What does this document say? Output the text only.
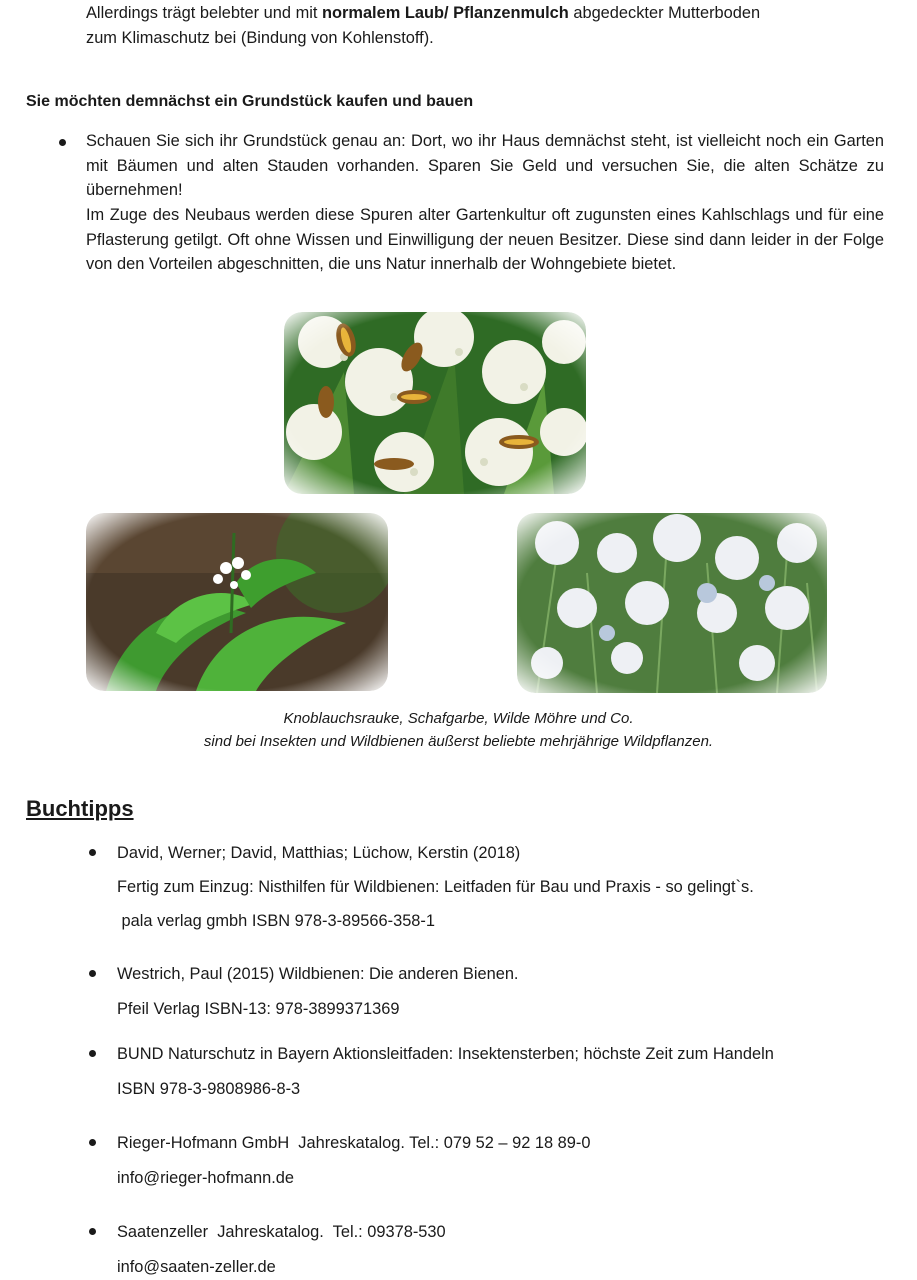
Allerdings trägt belebter und mit normalem Laub/ Pflanzenmulch abgedeckter Mutterboden
zum Klimaschutz bei (Bindung von Kohlenstoff).

Sie möchten demnächst ein Grundstück kaufen und bauen

Schauen Sie sich ihr Grundstück genau an: Dort, wo ihr Haus demnächst steht, ist vielleicht noch ein Garten mit Bäumen und alten Stauden vorhanden. Sparen Sie Geld und versuchen Sie, die alten Schätze zu übernehmen!

Im Zuge des Neubaus werden diese Spuren alter Gartenkultur oft zugunsten eines Kahlschlags und für eine Pflasterung getilgt. Oft ohne Wissen und Einwilligung der neuen Besitzer. Diese sind dann leider in der Folge von den Vorteilen abgeschnitten, die uns Natur innerhalb der Wohngebiete bietet.

Knoblauchsrauke, Schafgarbe, Wilde Möhre und Co.

sind bei Insekten und Wildbienen äußerst beliebte mehrjährige Wildpflanzen.

Buchtipps

David, Werner; David, Matthias; Lüchow, Kerstin (2018)

Fertig zum Einzug: Nisthilfen für Wildbienen: Leitfaden für Bau und Praxis - so gelingt`s.

pala verlag gmbh ISBN 978-3-89566-358-1

Westrich, Paul (2015) Wildbienen: Die anderen Bienen.

Pfeil Verlag ISBN-13: 978-3899371369

BUND Naturschutz in Bayern Aktionsleitfaden: Insektensterben; höchste Zeit zum Handeln

ISBN 978-3-9808986-8-3

Rieger-Hofmann GmbH  Jahreskatalog. Tel.: 079 52 – 92 18 89-0

info@rieger-hofmann.de

Saatenzeller  Jahreskatalog.  Tel.: 09378-530

info@saaten-zeller.de
